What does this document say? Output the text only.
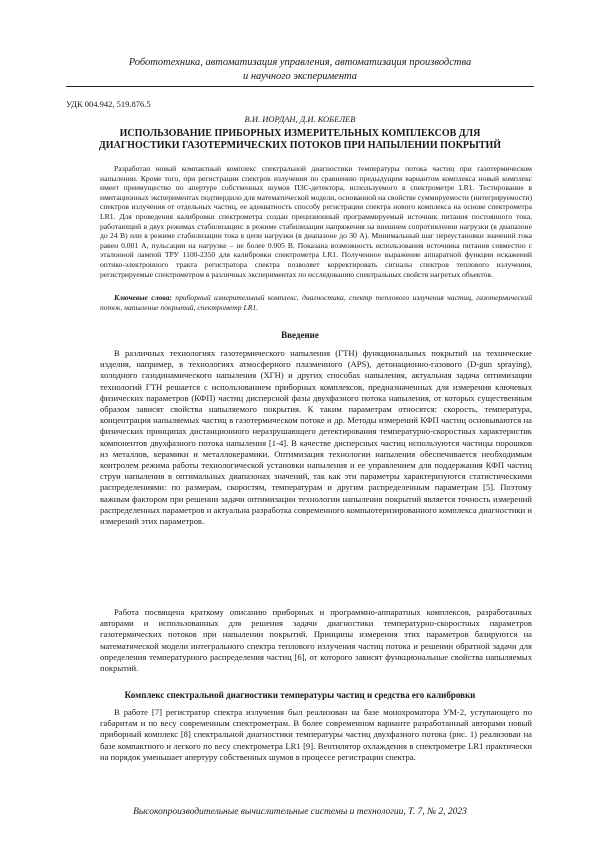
Робототехника, автоматизация управления, автоматизация производства
и научного эксперимента
УДК 004.942, 519.876.5
В.И. ИОРДАН, Д.И. КОБЕЛЕВ
ИСПОЛЬЗОВАНИЕ ПРИБОРНЫХ ИЗМЕРИТЕЛЬНЫХ КОМПЛЕКСОВ ДЛЯ
ДИАГНОСТИКИ ГАЗОТЕРМИЧЕСКИХ ПОТОКОВ ПРИ НАПЫЛЕНИИ ПОКРЫТИЙ

Разработан новый компактный комплекс спектральной диагностики температуры потока частиц при газотермическом напылении. Кроме того, при регистрации спектров излучения по сравнению предыдущим вариантом комплекса новый комплекс имеет преимущество по апертуре собственных шумов ПЗС-детектора, используемого в спектрометре LR1. Тестирование в имитационных экспериментах подтвердило для математической модели, основанной на свойстве суммируемости (интегрируемости) спектров излучения от отдельных частиц, ее адекватность способу регистрации спектра нового комплекса на основе спектрометра LR1. Для проведения калибровки спектрометра создан прецизионный программируемый источник питания постоянного тока, работающий в двух режимах стабилизации: в режиме стабилизации напряжения на внешнем сопротивлении нагрузки (в диапазоне до 24 В) или в режиме стабилизации тока в цепи нагрузки (в диапазоне до 30 А). Минимальный шаг переустановки значений тока равен 0.001 А, пульсации на нагрузке – не более 0.005 В. Показана возможность использования источника питания совместно с эталонной лампой ТРУ 1100-2350 для калибровки спектрометра LR1. Полученное выражение аппаратной функции искажений оптико-электронного тракта регистратора спектра позволяет корректировать сигналы спектров теплового излучения, регистрируемые спектрометром в различных экспериментах по исследованию спектральных свойств нагретых объектов.

Ключевые слова: приборный измерительный комплекс, диагностика, спектр теплового излучения частиц, газотермический поток, напыление покрытий, спектрометр LR1.

Введение

В различных технологиях газотермического напыления (ГТН) функциональных покрытий на технические изделия, например, в технологиях атмосферного плазменного (APS), детонационно-газового (D-gun spraying), холодного газодинамического напыления (ХГН) и других способах напыления, актуальная задача оптимизации технологий ГТН решается с использованием приборных комплексов, предназначенных для измерения ключевых физических параметров (КФП) частиц дисперсной фазы двухфазного потока напыления, от которых существенным образом зависят свойства напыляемого покрытия. К таким параметрам относятся: скорость, температура, концентрация напыляемых частиц в газотермическом потоке и др. Методы измерений КФП частиц основываются на физических принципах дистанционного неразрушающего детектирования температурно-скоростных характеристик компонентов двухфазного потока напыления [1-4]. В качестве дисперсных частиц используются частицы порошков из металлов, керамики и металлокерамики. Оптимизация технологии напыления обеспечивается необходимым контролем режима работы технологической установки напыления и ее управлением для поддержания КФП частиц струи напыления в оптимальных диапазонах значений, так как эти параметры характеризуются статистическими распределениями: по размерам, скоростям, температурам и другим распределенным параметрам [5]. Поэтому важным фактором при решении задачи оптимизации технологии напыления покрытий является точность измерений распределенных параметров и актуальна разработка современного компьютеризированного комплекса диагностики и измерений этих параметров.

Работа посвящена краткому описанию приборных и программно-аппаратных комплексов, разработанных авторами и использованных для решения задачи диагностики температурно-скоростных параметров газотермических потоков при напылении покрытий. Принципы измерения этих параметров базируются на математической модели интегрального спектра теплового излучения частиц потока и решении обратной задачи для определения температурного распределения частиц [6], от которого зависят функциональные свойства напыляемых покрытий.

Комплекс спектральной диагностики температуры частиц и средства его калибровки

В работе [7] регистратор спектра излучения был реализован на базе монохроматора УМ-2, уступающего по габаритам и по весу современным спектрометрам. В более современном варианте разработанный авторами новый приборный комплекс [8] спектральной диагностики температуры частиц двухфазного потока (рис. 1) реализован на базе компактного и легкого по весу спектрометра LR1 [9]. Вентилятор охлаждения в спектрометре LR1 практически на порядок уменьшает апертуру собственных шумов в процессе регистрации спектра.

Высокопроизводительные вычислительные системы и технологии, Т. 7, № 2, 2023
